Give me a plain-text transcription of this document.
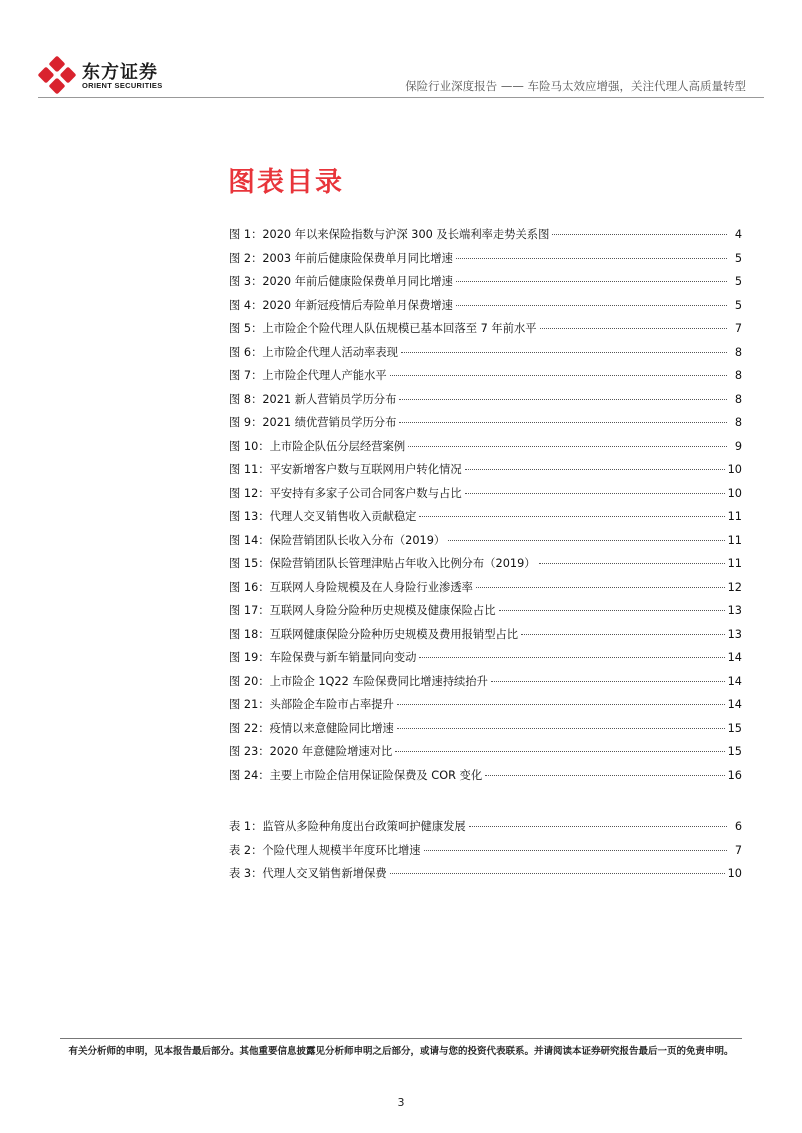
东方证券
ORIENT SECURITIES	保险行业深度报告 —— 车险马太效应增强，关注代理人高质量转型
图表目录
图 1： 2020 年以来保险指数与沪深 300 及长端利率走势关系图	4
图 2： 2003 年前后健康险保费单月同比增速	5
图 3： 2020 年前后健康险保费单月同比增速	5
图 4： 2020 年新冠疫情后寿险单月保费增速	5
图 5： 上市险企个险代理人队伍规模已基本回落至 7 年前水平	7
图 6： 上市险企代理人活动率表现	8
图 7： 上市险企代理人产能水平	8
图 8： 2021 新人营销员学历分布	8
图 9： 2021 绩优营销员学历分布	8
图 10： 上市险企队伍分层经营案例	9
图 11： 平安新增客户数与互联网用户转化情况	10
图 12： 平安持有多家子公司合同客户数与占比	10
图 13： 代理人交叉销售收入贡献稳定	11
图 14： 保险营销团队长收入分布（2019）	11
图 15： 保险营销团队长管理津贴占年收入比例分布（2019）	11
图 16： 互联网人身险规模及在人身险行业渗透率	12
图 17： 互联网人身险分险种历史规模及健康保险占比	13
图 18： 互联网健康保险分险种历史规模及费用报销型占比	13
图 19： 车险保费与新车销量同向变动	14
图 20： 上市险企 1Q22 车险保费同比增速持续抬升	14
图 21： 头部险企车险市占率提升	14
图 22： 疫情以来意健险同比增速	15
图 23： 2020 年意健险增速对比	15
图 24： 主要上市险企信用保证险保费及 COR 变化	16
表 1： 监管从多险种角度出台政策呵护健康发展	6
表 2： 个险代理人规模半年度环比增速	7
表 3： 代理人交叉销售新增保费	10
有关分析师的申明，见本报告最后部分。其他重要信息披露见分析师申明之后部分，或请与您的投资代表联系。并请阅读本证券研究报告最后一页的免责申明。
3
